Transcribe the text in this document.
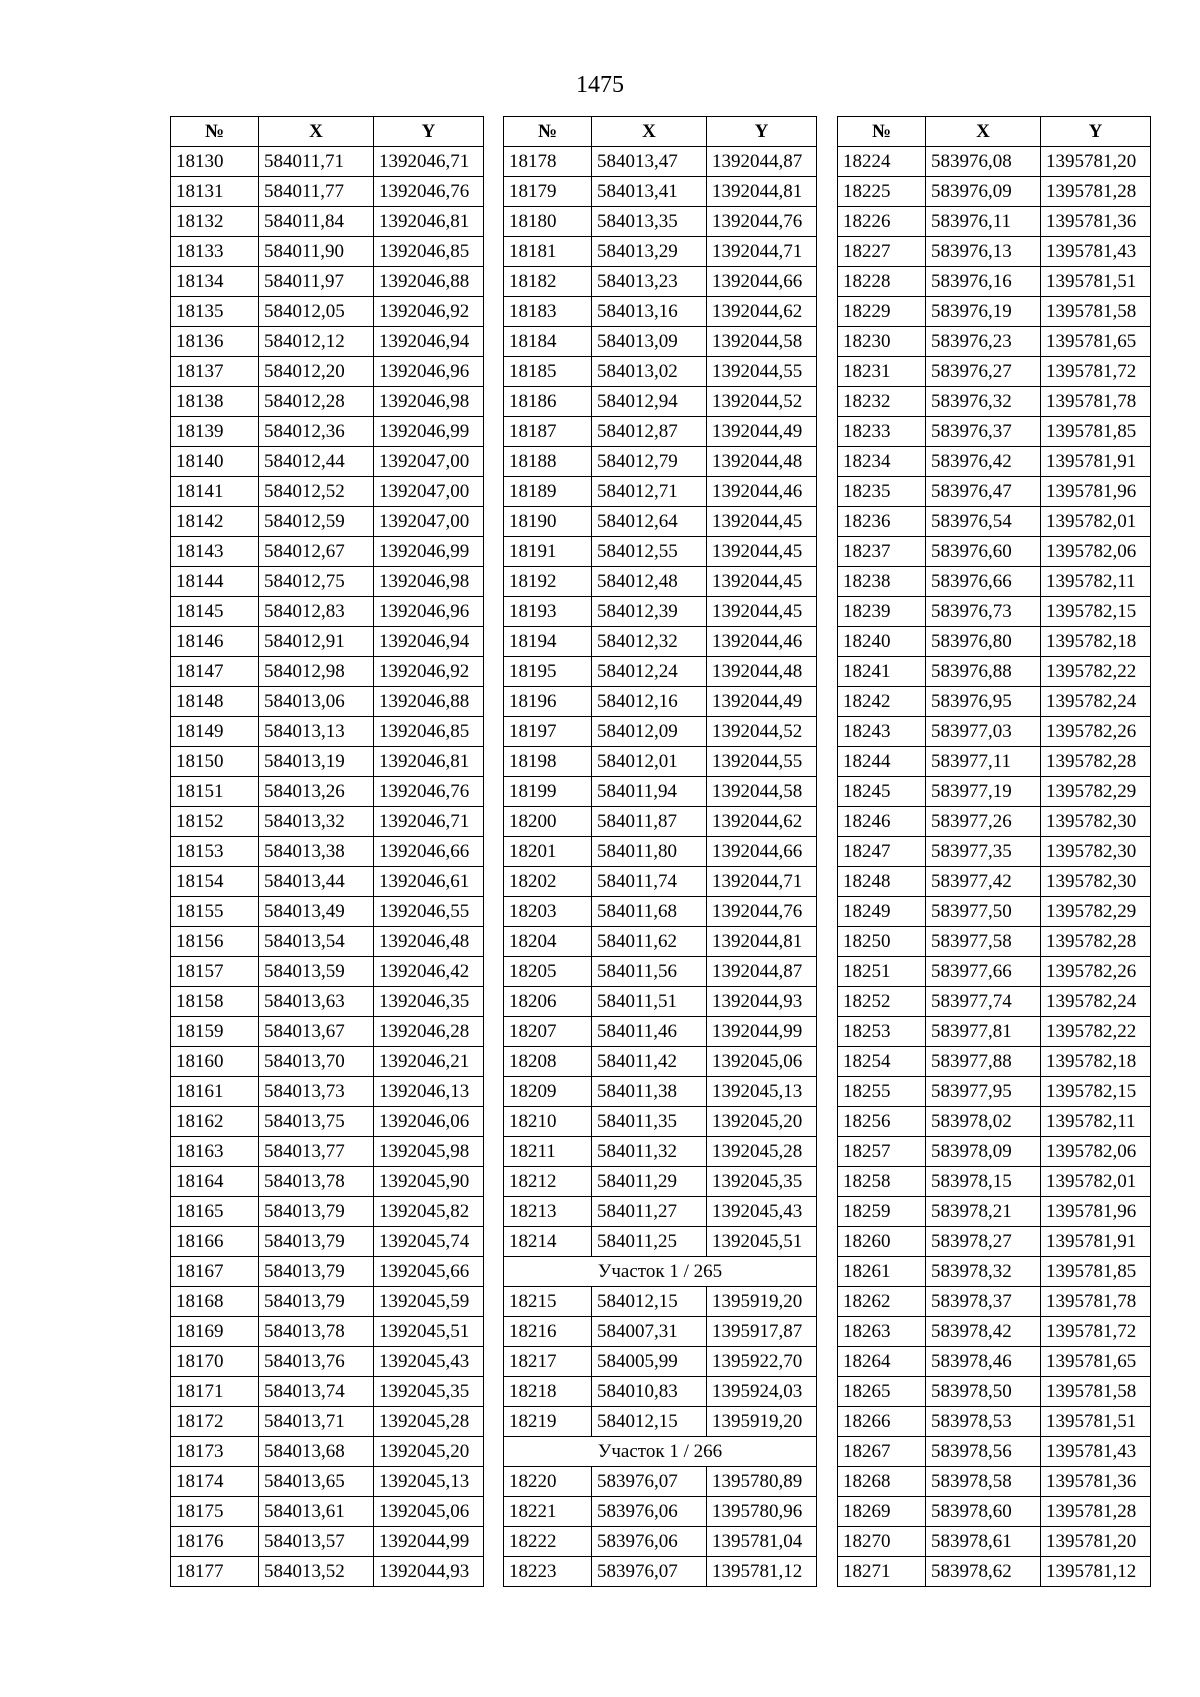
1475
№	X	Y
18130	584011,71	1392046,71
18131	584011,77	1392046,76
18132	584011,84	1392046,81
18133	584011,90	1392046,85
18134	584011,97	1392046,88
18135	584012,05	1392046,92
18136	584012,12	1392046,94
18137	584012,20	1392046,96
18138	584012,28	1392046,98
18139	584012,36	1392046,99
18140	584012,44	1392047,00
18141	584012,52	1392047,00
18142	584012,59	1392047,00
18143	584012,67	1392046,99
18144	584012,75	1392046,98
18145	584012,83	1392046,96
18146	584012,91	1392046,94
18147	584012,98	1392046,92
18148	584013,06	1392046,88
18149	584013,13	1392046,85
18150	584013,19	1392046,81
18151	584013,26	1392046,76
18152	584013,32	1392046,71
18153	584013,38	1392046,66
18154	584013,44	1392046,61
18155	584013,49	1392046,55
18156	584013,54	1392046,48
18157	584013,59	1392046,42
18158	584013,63	1392046,35
18159	584013,67	1392046,28
18160	584013,70	1392046,21
18161	584013,73	1392046,13
18162	584013,75	1392046,06
18163	584013,77	1392045,98
18164	584013,78	1392045,90
18165	584013,79	1392045,82
18166	584013,79	1392045,74
18167	584013,79	1392045,66
18168	584013,79	1392045,59
18169	584013,78	1392045,51
18170	584013,76	1392045,43
18171	584013,74	1392045,35
18172	584013,71	1392045,28
18173	584013,68	1392045,20
18174	584013,65	1392045,13
18175	584013,61	1392045,06
18176	584013,57	1392044,99
18177	584013,52	1392044,93
№	X	Y
18178	584013,47	1392044,87
18179	584013,41	1392044,81
18180	584013,35	1392044,76
18181	584013,29	1392044,71
18182	584013,23	1392044,66
18183	584013,16	1392044,62
18184	584013,09	1392044,58
18185	584013,02	1392044,55
18186	584012,94	1392044,52
18187	584012,87	1392044,49
18188	584012,79	1392044,48
18189	584012,71	1392044,46
18190	584012,64	1392044,45
18191	584012,55	1392044,45
18192	584012,48	1392044,45
18193	584012,39	1392044,45
18194	584012,32	1392044,46
18195	584012,24	1392044,48
18196	584012,16	1392044,49
18197	584012,09	1392044,52
18198	584012,01	1392044,55
18199	584011,94	1392044,58
18200	584011,87	1392044,62
18201	584011,80	1392044,66
18202	584011,74	1392044,71
18203	584011,68	1392044,76
18204	584011,62	1392044,81
18205	584011,56	1392044,87
18206	584011,51	1392044,93
18207	584011,46	1392044,99
18208	584011,42	1392045,06
18209	584011,38	1392045,13
18210	584011,35	1392045,20
18211	584011,32	1392045,28
18212	584011,29	1392045,35
18213	584011,27	1392045,43
18214	584011,25	1392045,51
Участок 1 / 265		
18215	584012,15	1395919,20
18216	584007,31	1395917,87
18217	584005,99	1395922,70
18218	584010,83	1395924,03
18219	584012,15	1395919,20
Участок 1 / 266		
18220	583976,07	1395780,89
18221	583976,06	1395780,96
18222	583976,06	1395781,04
18223	583976,07	1395781,12
№	X	Y
18224	583976,08	1395781,20
18225	583976,09	1395781,28
18226	583976,11	1395781,36
18227	583976,13	1395781,43
18228	583976,16	1395781,51
18229	583976,19	1395781,58
18230	583976,23	1395781,65
18231	583976,27	1395781,72
18232	583976,32	1395781,78
18233	583976,37	1395781,85
18234	583976,42	1395781,91
18235	583976,47	1395781,96
18236	583976,54	1395782,01
18237	583976,60	1395782,06
18238	583976,66	1395782,11
18239	583976,73	1395782,15
18240	583976,80	1395782,18
18241	583976,88	1395782,22
18242	583976,95	1395782,24
18243	583977,03	1395782,26
18244	583977,11	1395782,28
18245	583977,19	1395782,29
18246	583977,26	1395782,30
18247	583977,35	1395782,30
18248	583977,42	1395782,30
18249	583977,50	1395782,29
18250	583977,58	1395782,28
18251	583977,66	1395782,26
18252	583977,74	1395782,24
18253	583977,81	1395782,22
18254	583977,88	1395782,18
18255	583977,95	1395782,15
18256	583978,02	1395782,11
18257	583978,09	1395782,06
18258	583978,15	1395782,01
18259	583978,21	1395781,96
18260	583978,27	1395781,91
18261	583978,32	1395781,85
18262	583978,37	1395781,78
18263	583978,42	1395781,72
18264	583978,46	1395781,65
18265	583978,50	1395781,58
18266	583978,53	1395781,51
18267	583978,56	1395781,43
18268	583978,58	1395781,36
18269	583978,60	1395781,28
18270	583978,61	1395781,20
18271	583978,62	1395781,12
